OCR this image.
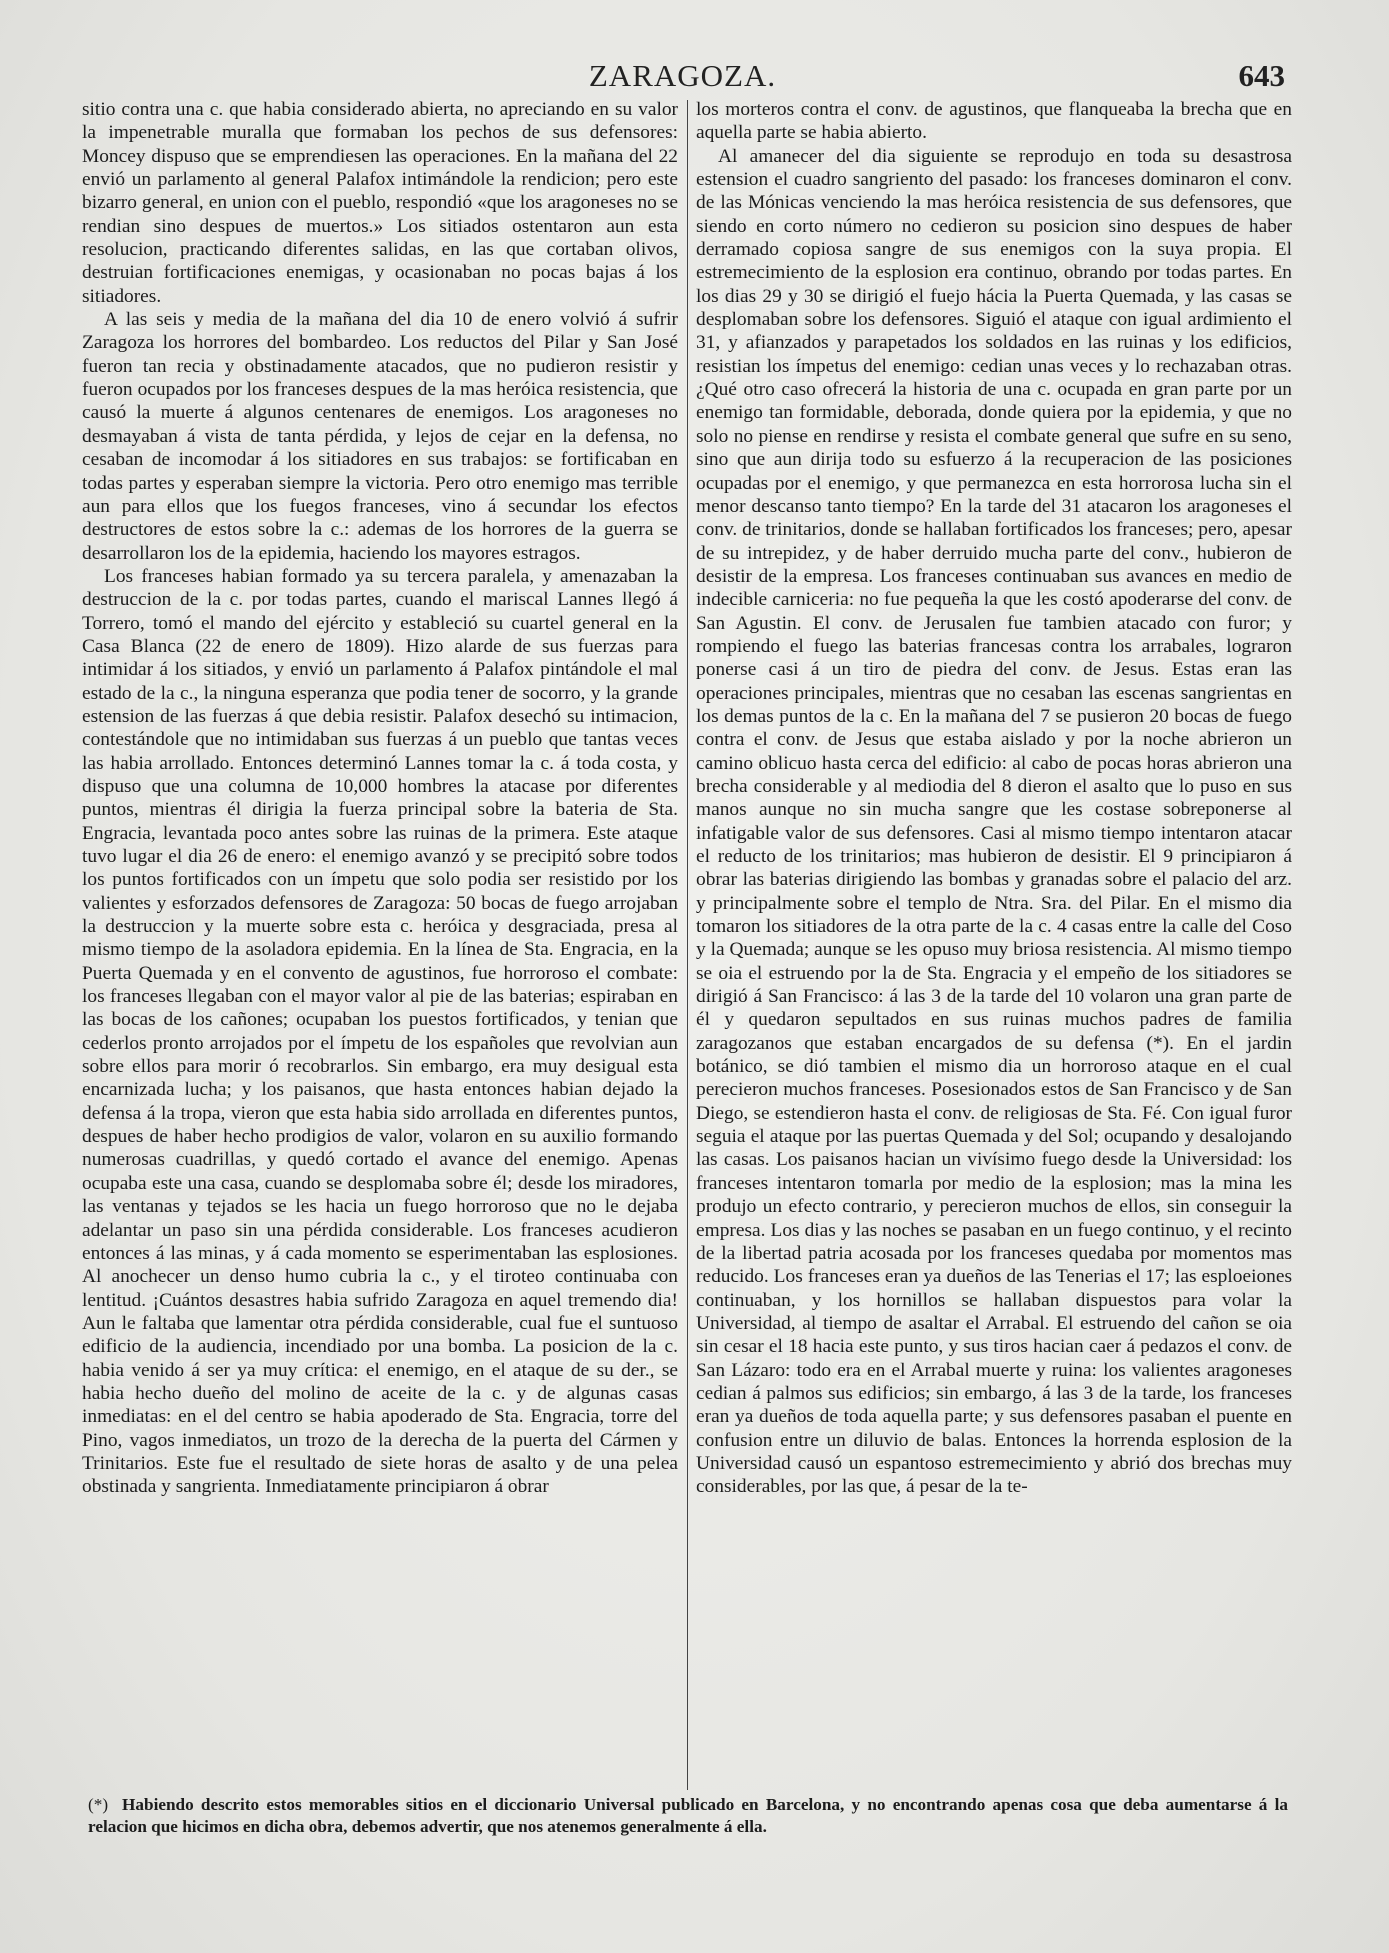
ZARAGOZA.	643

sitio contra una c. que habia considerado abierta, no apreciando en su valor la impenetrable muralla que formaban los pechos de sus defensores: Moncey dispuso que se emprendiesen las operaciones. En la mañana del 22 envió un parlamento al general Palafox intimándole la rendicion; pero este bizarro general, en union con el pueblo, respondió «que los aragoneses no se rendian sino despues de muertos.» Los sitiados ostentaron aun esta resolucion, practicando diferentes salidas, en las que cortaban olivos, destruian fortificaciones enemigas, y ocasionaban no pocas bajas á los sitiadores.

A las seis y media de la mañana del dia 10 de enero volvió á sufrir Zaragoza los horrores del bombardeo. Los reductos del Pilar y San José fueron tan recia y obstinadamente atacados, que no pudieron resistir y fueron ocupados por los franceses despues de la mas heróica resistencia, que causó la muerte á algunos centenares de enemigos. Los aragoneses no desmayaban á vista de tanta pérdida, y lejos de cejar en la defensa, no cesaban de incomodar á los sitiadores en sus trabajos: se fortificaban en todas partes y esperaban siempre la victoria. Pero otro enemigo mas terrible aun para ellos que los fuegos franceses, vino á secundar los efectos destructores de estos sobre la c.: ademas de los horrores de la guerra se desarrollaron los de la epidemia, haciendo los mayores estragos.

Los franceses habian formado ya su tercera paralela, y amenazaban la destruccion de la c. por todas partes, cuando el mariscal Lannes llegó á Torrero, tomó el mando del ejército y estableció su cuartel general en la Casa Blanca (22 de enero de 1809). Hizo alarde de sus fuerzas para intimidar á los sitiados, y envió un parlamento á Palafox pintándole el mal estado de la c., la ninguna esperanza que podia tener de socorro, y la grande estension de las fuerzas á que debia resistir. Palafox desechó su intimacion, contestándole que no intimidaban sus fuerzas á un pueblo que tantas veces las habia arrollado. Entonces determinó Lannes tomar la c. á toda costa, y dispuso que una columna de 10,000 hombres la atacase por diferentes puntos, mientras él dirigia la fuerza principal sobre la bateria de Sta. Engracia, levantada poco antes sobre las ruinas de la primera. Este ataque tuvo lugar el dia 26 de enero: el enemigo avanzó y se precipitó sobre todos los puntos fortificados con un ímpetu que solo podia ser resistido por los valientes y esforzados defensores de Zaragoza: 50 bocas de fuego arrojaban la destruccion y la muerte sobre esta c. heróica y desgraciada, presa al mismo tiempo de la asoladora epidemia. En la línea de Sta. Engracia, en la Puerta Quemada y en el convento de agustinos, fue horroroso el combate: los franceses llegaban con el mayor valor al pie de las baterias; espiraban en las bocas de los cañones; ocupaban los puestos fortificados, y tenian que cederlos pronto arrojados por el ímpetu de los españoles que revolvian aun sobre ellos para morir ó recobrarlos. Sin embargo, era muy desigual esta encarnizada lucha; y los paisanos, que hasta entonces habian dejado la defensa á la tropa, vieron que esta habia sido arrollada en diferentes puntos, despues de haber hecho prodigios de valor, volaron en su auxilio formando numerosas cuadrillas, y quedó cortado el avance del enemigo. Apenas ocupaba este una casa, cuando se desplomaba sobre él; desde los miradores, las ventanas y tejados se les hacia un fuego horroroso que no le dejaba adelantar un paso sin una pérdida considerable. Los franceses acudieron entonces á las minas, y á cada momento se esperimentaban las esplosiones. Al anochecer un denso humo cubria la c., y el tiroteo continuaba con lentitud. ¡Cuántos desastres habia sufrido Zaragoza en aquel tremendo dia! Aun le faltaba que lamentar otra pérdida considerable, cual fue el suntuoso edificio de la audiencia, incendiado por una bomba. La posicion de la c. habia venido á ser ya muy crítica: el enemigo, en el ataque de su der., se habia hecho dueño del molino de aceite de la c. y de algunas casas inmediatas: en el del centro se habia apoderado de Sta. Engracia, torre del Pino, vagos inmediatos, un trozo de la derecha de la puerta del Cármen y Trinitarios. Este fue el resultado de siete horas de asalto y de una pelea obstinada y sangrienta. Inmediatamente principiaron á obrar

los morteros contra el conv. de agustinos, que flanqueaba la brecha que en aquella parte se habia abierto.

Al amanecer del dia siguiente se reprodujo en toda su desastrosa estension el cuadro sangriento del pasado: los franceses dominaron el conv. de las Mónicas venciendo la mas heróica resistencia de sus defensores, que siendo en corto número no cedieron su posicion sino despues de haber derramado copiosa sangre de sus enemigos con la suya propia. El estremecimiento de la esplosion era continuo, obrando por todas partes. En los dias 29 y 30 se dirigió el fuejo hácia la Puerta Quemada, y las casas se desplomaban sobre los defensores. Siguió el ataque con igual ardimiento el 31, y afianzados y parapetados los soldados en las ruinas y los edificios, resistian los ímpetus del enemigo: cedian unas veces y lo rechazaban otras. ¿Qué otro caso ofrecerá la historia de una c. ocupada en gran parte por un enemigo tan formidable, deborada, donde quiera por la epidemia, y que no solo no piense en rendirse y resista el combate general que sufre en su seno, sino que aun dirija todo su esfuerzo á la recuperacion de las posiciones ocupadas por el enemigo, y que permanezca en esta horrorosa lucha sin el menor descanso tanto tiempo? En la tarde del 31 atacaron los aragoneses el conv. de trinitarios, donde se hallaban fortificados los franceses; pero, apesar de su intrepidez, y de haber derruido mucha parte del conv., hubieron de desistir de la empresa. Los franceses continuaban sus avances en medio de indecible carniceria: no fue pequeña la que les costó apoderarse del conv. de San Agustin. El conv. de Jerusalen fue tambien atacado con furor; y rompiendo el fuego las baterias francesas contra los arrabales, lograron ponerse casi á un tiro de piedra del conv. de Jesus. Estas eran las operaciones principales, mientras que no cesaban las escenas sangrientas en los demas puntos de la c. En la mañana del 7 se pusieron 20 bocas de fuego contra el conv. de Jesus que estaba aislado y por la noche abrieron un camino oblicuo hasta cerca del edificio: al cabo de pocas horas abrieron una brecha considerable y al mediodia del 8 dieron el asalto que lo puso en sus manos aunque no sin mucha sangre que les costase sobreponerse al infatigable valor de sus defensores. Casi al mismo tiempo intentaron atacar el reducto de los trinitarios; mas hubieron de desistir. El 9 principiaron á obrar las baterias dirigiendo las bombas y granadas sobre el palacio del arz. y principalmente sobre el templo de Ntra. Sra. del Pilar. En el mismo dia tomaron los sitiadores de la otra parte de la c. 4 casas entre la calle del Coso y la Quemada; aunque se les opuso muy briosa resistencia. Al mismo tiempo se oia el estruendo por la de Sta. Engracia y el empeño de los sitiadores se dirigió á San Francisco: á las 3 de la tarde del 10 volaron una gran parte de él y quedaron sepultados en sus ruinas muchos padres de familia zaragozanos que estaban encargados de su defensa (*). En el jardin botánico, se dió tambien el mismo dia un horroroso ataque en el cual perecieron muchos franceses. Posesionados estos de San Francisco y de San Diego, se estendieron hasta el conv. de religiosas de Sta. Fé. Con igual furor seguia el ataque por las puertas Quemada y del Sol; ocupando y desalojando las casas. Los paisanos hacian un vivísimo fuego desde la Universidad: los franceses intentaron tomarla por medio de la esplosion; mas la mina les produjo un efecto contrario, y perecieron muchos de ellos, sin conseguir la empresa. Los dias y las noches se pasaban en un fuego continuo, y el recinto de la libertad patria acosada por los franceses quedaba por momentos mas reducido. Los franceses eran ya dueños de las Tenerias el 17; las esploeiones continuaban, y los hornillos se hallaban dispuestos para volar la Universidad, al tiempo de asaltar el Arrabal. El estruendo del cañon se oia sin cesar el 18 hacia este punto, y sus tiros hacian caer á pedazos el conv. de San Lázaro: todo era en el Arrabal muerte y ruina: los valientes aragoneses cedian á palmos sus edificios; sin embargo, á las 3 de la tarde, los franceses eran ya dueños de toda aquella parte; y sus defensores pasaban el puente en confusion entre un diluvio de balas. Entonces la horrenda esplosion de la Universidad causó un espantoso estremecimiento y abrió dos brechas muy considerables, por las que, á pesar de la te-

(*) Habiendo descrito estos memorables sitios en el diccionario Universal publicado en Barcelona, y no encontrando apenas cosa que deba aumentarse á la relacion que hicimos en dicha obra, debemos advertir, que nos atenemos generalmente á ella.
